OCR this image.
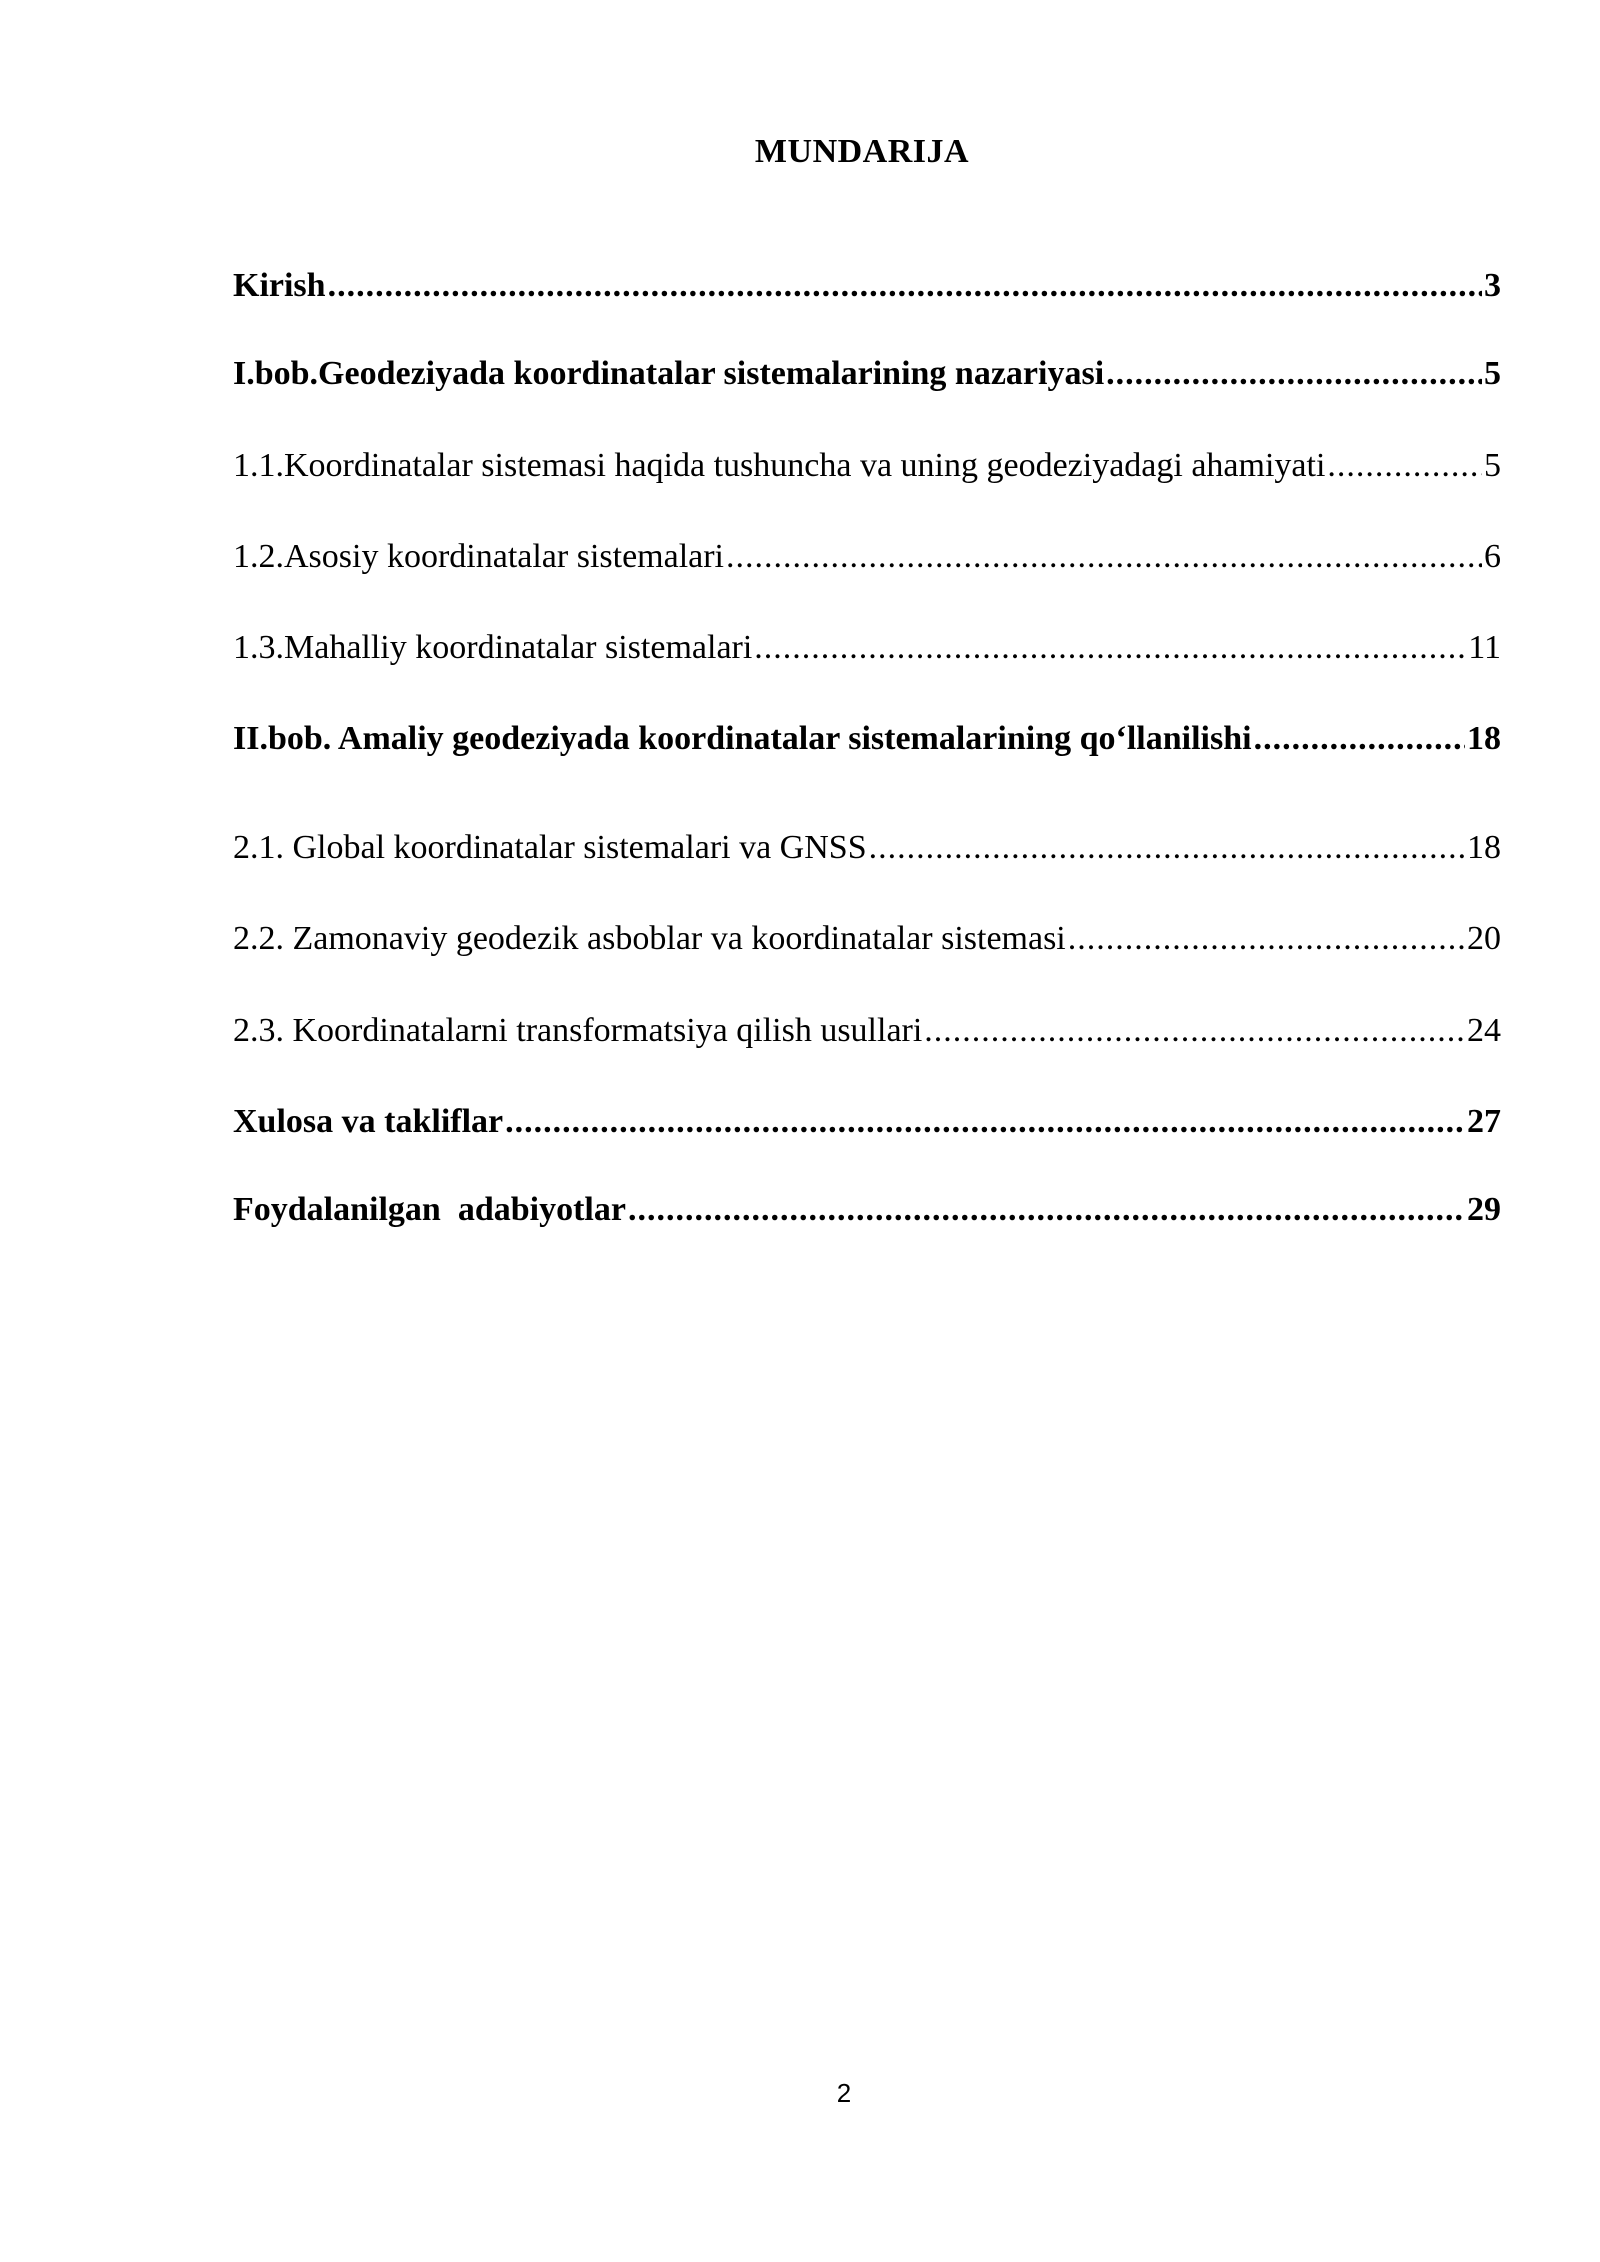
MUNDARIJA
Kirish .....	3
I.bob.Geodeziyada koordinatalar sistemalarining nazariyasi .....	5
1.1.Koordinatalar sistemasi haqida tushuncha va uning geodeziyadagi ahamiyati .....	5
1.2.Asosiy koordinatalar sistemalari .....	6
1.3.Mahalliy koordinatalar sistemalari .....	11
II.bob. Amaliy geodeziyada koordinatalar sistemalarining qo‘llanilishi .....	18
2.1. Global koordinatalar sistemalari va GNSS .....	18
2.2. Zamonaviy geodezik asboblar va koordinatalar sistemasi .....	20
2.3. Koordinatalarni transformatsiya qilish usullari .....	24
Xulosa va takliflar .....	27
Foydalanilgan  adabiyotlar .....	29
2
